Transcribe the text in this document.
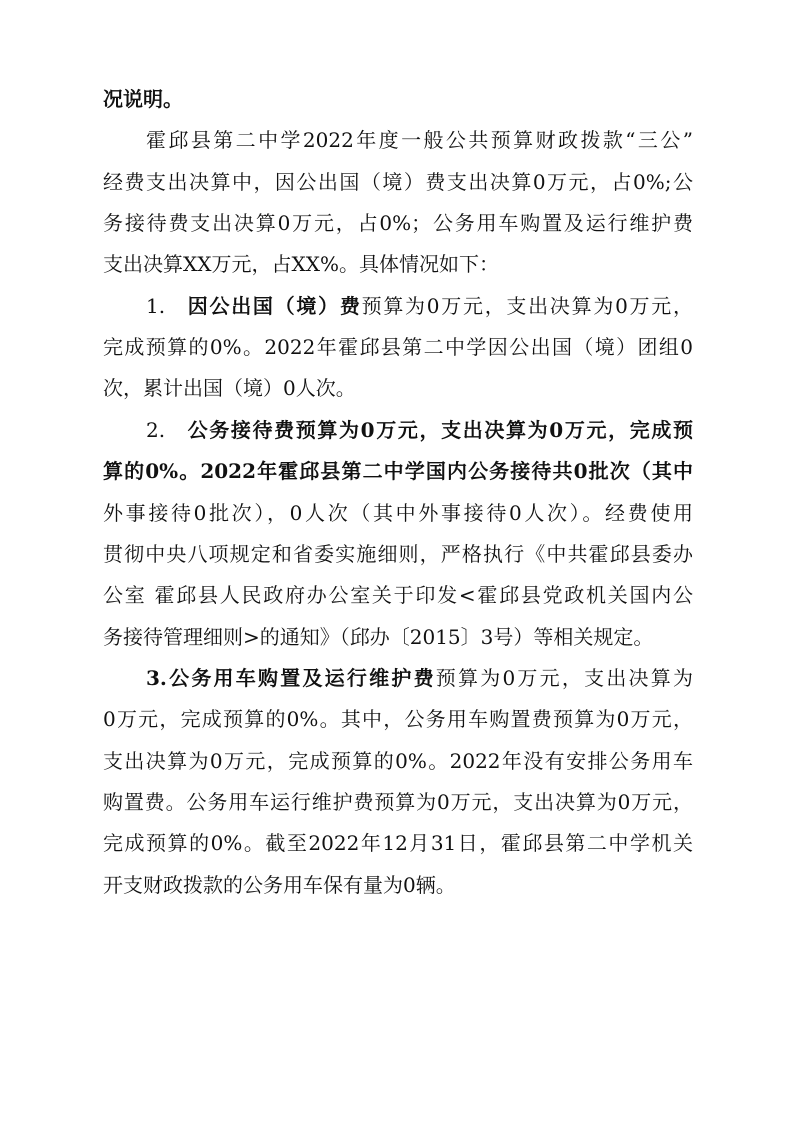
况说明。
霍邱县第二中学2022年度一般公共预算财政拨款“三公”
经费支出决算中，因公出国（境）费支出决算0万元，占0%;公
务接待费支出决算0万元，占0%；公务用车购置及运行维护费
支出决算XX万元，占XX%。具体情况如下：
1. 因公出国（境）费预算为0万元，支出决算为0万元，
完成预算的0%。2022年霍邱县第二中学因公出国（境）团组0
次，累计出国（境）0人次。
2. 公务接待费预算为0万元，支出决算为0万元，完成预
算的0%。2022年霍邱县第二中学国内公务接待共0批次（其中
外事接待0批次），0人次（其中外事接待0人次）。经费使用
贯彻中央八项规定和省委实施细则，严格执行《中共霍邱县委办
公室 霍邱县人民政府办公室关于印发<霍邱县党政机关国内公
务接待管理细则>的通知》（邱办〔2015〕3号）等相关规定。
3.公务用车购置及运行维护费预算为0万元，支出决算为
0万元，完成预算的0%。其中，公务用车购置费预算为0万元，
支出决算为0万元，完成预算的0%。2022年没有安排公务用车
购置费。公务用车运行维护费预算为0万元，支出决算为0万元，
完成预算的0%。截至2022年12月31日，霍邱县第二中学机关
开支财政拨款的公务用车保有量为0辆。
